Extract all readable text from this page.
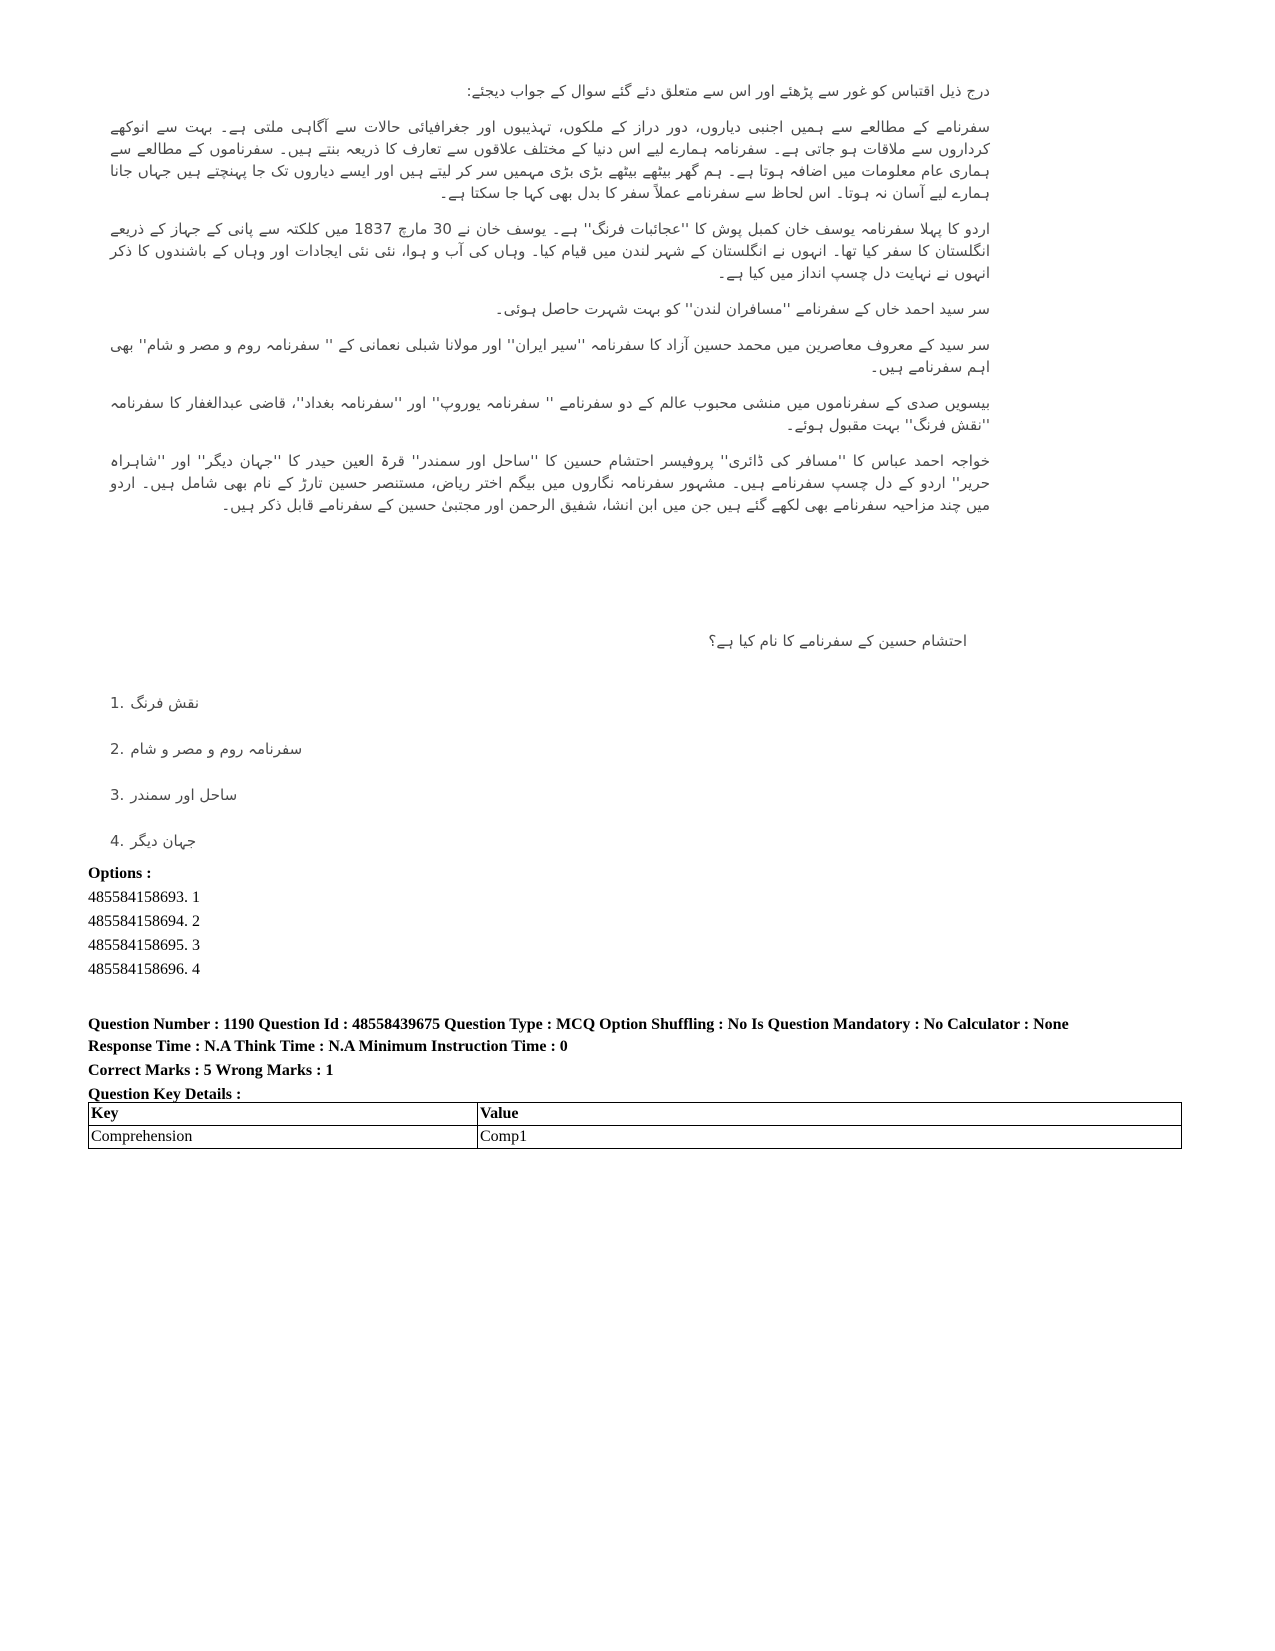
درج ذیل اقتباس کو غور سے پڑھئے اور اس سے متعلق دئے گئے سوال کے جواب دیجئے:

سفرنامے کے مطالعے سے ہمیں اجنبی دیاروں، دور دراز کے ملکوں، تہذیبوں اور جغرافیائی حالات سے آگاہی ملتی ہے۔ بہت سے انوکھے کرداروں سے ملاقات ہو جاتی ہے۔ سفرنامہ ہمارے لیے اس دنیا کے مختلف علاقوں سے تعارف کا ذریعہ بنتے ہیں۔ سفرناموں کے مطالعے سے ہماری عام معلومات میں اضافہ ہوتا ہے۔ ہم گھر بیٹھے بیٹھے بڑی بڑی مہمیں سر کر لیتے ہیں اور ایسے دیاروں تک جا پہنچتے ہیں جہاں جانا ہمارے لیے آسان نہ ہوتا۔ اس لحاظ سے سفرنامے عملاً سفر کا بدل بھی کہا جا سکتا ہے۔

اردو کا پہلا سفرنامہ یوسف خان کمبل پوش کا ''عجائبات فرنگ'' ہے۔ یوسف خان نے 30 مارچ 1837 میں کلکتہ سے پانی کے جہاز کے ذریعے انگلستان کا سفر کیا تھا۔ انہوں نے انگلستان کے شہر لندن میں قیام کیا۔ وہاں کی آب و ہوا، نئی نئی ایجادات اور وہاں کے باشندوں کا ذکر انہوں نے نہایت دل چسپ انداز میں کیا ہے۔

سر سید احمد خاں کے سفرنامے ''مسافران لندن'' کو بہت شہرت حاصل ہوئی۔

سر سید کے معروف معاصرین میں محمد حسین آزاد کا سفرنامہ ''سیر ایران'' اور مولانا شبلی نعمانی کے '' سفرنامہ روم و مصر و شام'' بھی اہم سفرنامے ہیں۔

بیسویں صدی کے سفرناموں میں منشی محبوب عالم کے دو سفرنامے '' سفرنامہ یوروپ'' اور ''سفرنامہ بغداد''، قاضی عبدالغفار کا سفرنامہ ''نقش فرنگ'' بہت مقبول ہوئے۔

خواجہ احمد عباس کا ''مسافر کی ڈائری'' پروفیسر احتشام حسین کا ''ساحل اور سمندر'' قرۃ العین حیدر کا ''جہان دیگر'' اور ''شاہراہ حریر'' اردو کے دل چسپ سفرنامے ہیں۔ مشہور سفرنامہ نگاروں میں بیگم اختر ریاض، مستنصر حسین تارڑ کے نام بھی شامل ہیں۔ اردو میں چند مزاحیہ سفرنامے بھی لکھے گئے ہیں جن میں ابن انشا، شفیق الرحمن اور مجتبیٰ حسین کے سفرنامے قابل ذکر ہیں۔

احتشام حسین کے سفرنامے کا نام کیا ہے؟
1. نقش فرنگ
2. سفرنامہ روم و مصر و شام
3. ساحل اور سمندر
4. جہان دیگر
Options :
485584158693. 1
485584158694. 2
485584158695. 3
485584158696. 4
Question Number : 1190 Question Id : 48558439675 Question Type : MCQ Option Shuffling : No Is Question Mandatory : No Calculator : None
Response Time : N.A Think Time : N.A Minimum Instruction Time : 0
Correct Marks : 5 Wrong Marks : 1
Question Key Details :
Key	Value
Comprehension	Comp1
